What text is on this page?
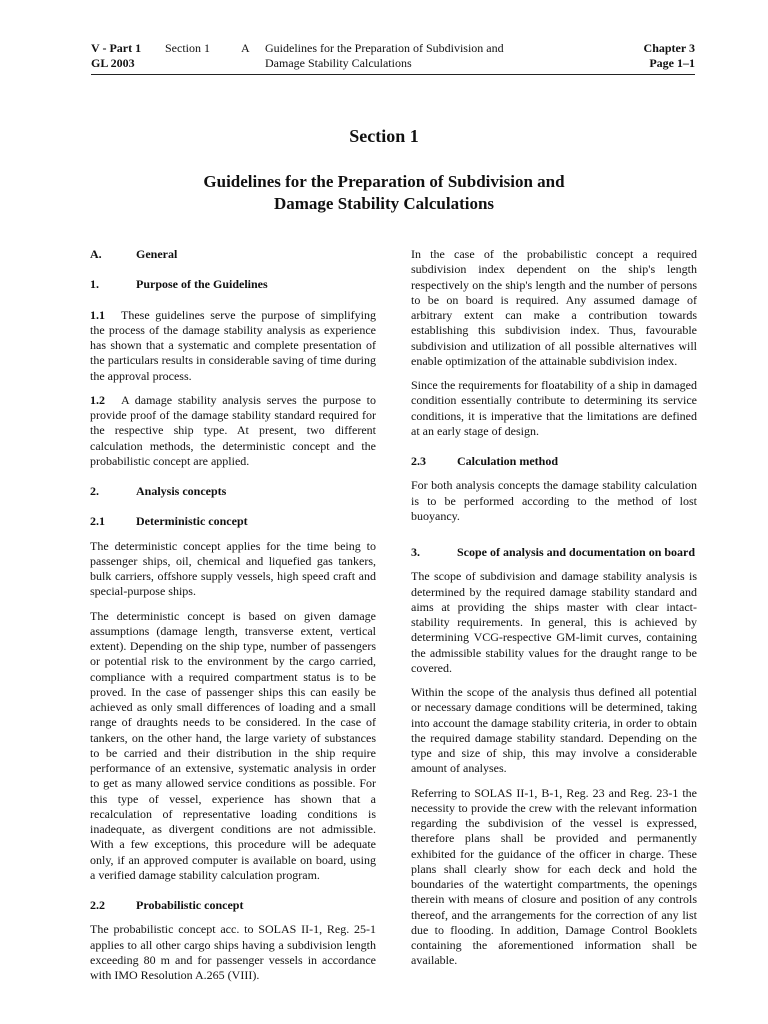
V - Part 1
GL 2003
Section 1	A Guidelines for the Preparation of Subdivision and
Damage Stability Calculations
Chapter 3
Page 1–1
Section 1
Guidelines for the Preparation of Subdivision and
Damage Stability Calculations
A.	General
1.	Purpose of the Guidelines

1.1 These guidelines serve the purpose of simplifying the process of the damage stability analysis as experience has shown that a systematic and complete presentation of the particulars results in considerable saving of time during the approval process.

1.2 A damage stability analysis serves the purpose to provide proof of the damage stability standard required for the respective ship type. At present, two different calculation methods, the deterministic concept and the probabilistic concept are applied.

2.	Analysis concepts
2.1	Deterministic concept

The deterministic concept applies for the time being to passenger ships, oil, chemical and liquefied gas tankers, bulk carriers, offshore supply vessels, high speed craft and special-purpose ships.

The deterministic concept is based on given damage assumptions (damage length, transverse extent, vertical extent). Depending on the ship type, number of passengers or potential risk to the environment by the cargo carried, compliance with a required compartment status is to be proved. In the case of passenger ships this can easily be achieved as only small differences of loading and a small range of draughts needs to be considered. In the case of tankers, on the other hand, the large variety of substances to be carried and their distribution in the ship require performance of an extensive, systematic analysis in order to get as many allowed service conditions as possible. For this type of vessel, experience has shown that a recalculation of representative loading conditions is inadequate, as divergent conditions are not admissible. With a few exceptions, this procedure will be adequate only, if an approved computer is available on board, using a verified damage stability calculation program.

2.2	Probabilistic concept

The probabilistic concept acc. to SOLAS II-1, Reg. 25-1 applies to all other cargo ships having a subdivision length exceeding 80 m and for passenger vessels in accordance with IMO Resolution A.265 (VIII).

In the case of the probabilistic concept a required subdivision index dependent on the ship's length respectively on the ship's length and the number of persons to be on board is required. Any assumed damage of arbitrary extent can make a contribution towards establishing this subdivision index. Thus, favourable subdivision and utilization of all possible alternatives will enable optimization of the attainable subdivision index.

Since the requirements for floatability of a ship in damaged condition essentially contribute to determining its service conditions, it is imperative that the limitations are defined at an early stage of design.

2.3	Calculation method

For both analysis concepts the damage stability calculation is to be performed according to the method of lost buoyancy.

3.	Scope of analysis and documentation on board

The scope of subdivision and damage stability analysis is determined by the required damage stability standard and aims at providing the ships master with clear intact-stability requirements. In general, this is achieved by determining VCG-respective GM-limit curves, containing the admissible stability values for the draught range to be covered.

Within the scope of the analysis thus defined all potential or necessary damage conditions will be determined, taking into account the damage stability criteria, in order to obtain the required damage stability standard. Depending on the type and size of ship, this may involve a considerable amount of analyses.

Referring to SOLAS II-1, B-1, Reg. 23 and Reg. 23-1 the necessity to provide the crew with the relevant information regarding the subdivision of the vessel is expressed, therefore plans shall be provided and permanently exhibited for the guidance of the officer in charge. These plans shall clearly show for each deck and hold the boundaries of the watertight compartments, the openings therein with means of closure and position of any controls thereof, and the arrangements for the correction of any list due to flooding. In addition, Damage Control Booklets containing the aforementioned information shall be available.
